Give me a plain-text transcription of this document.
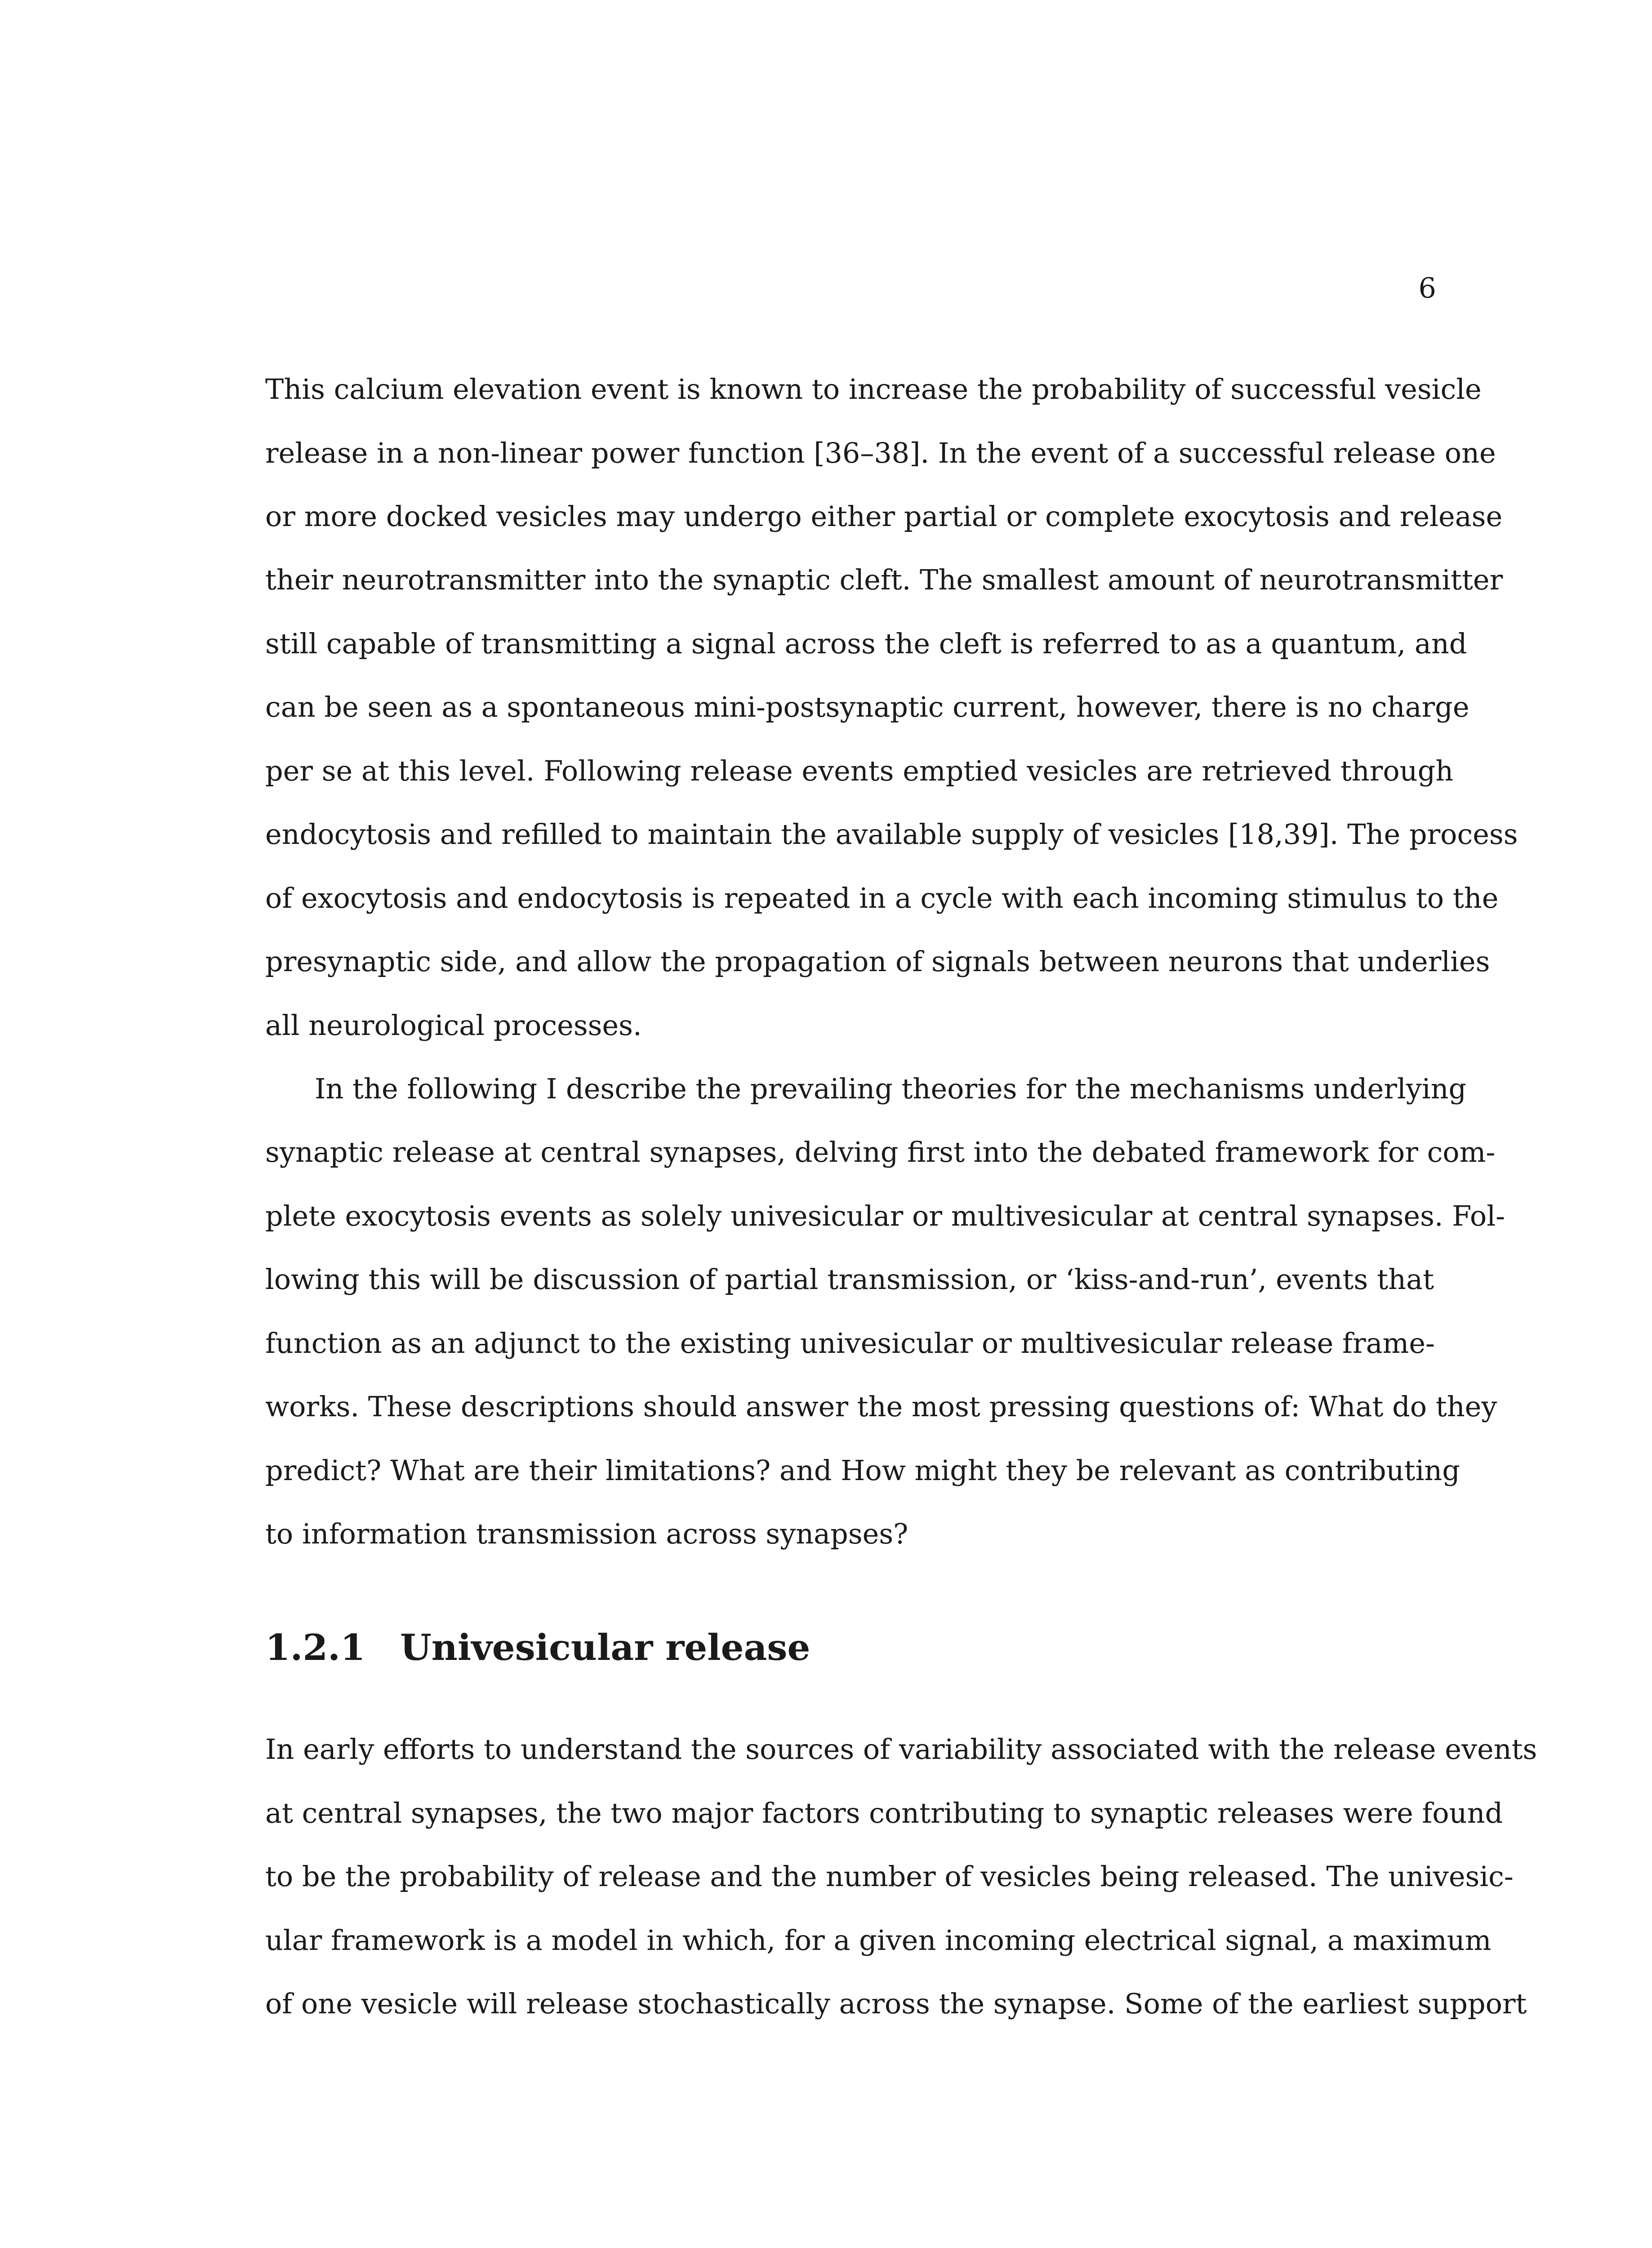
6
This calcium elevation event is known to increase the probability of successful vesicle
release in a non-linear power function [36–38]. In the event of a successful release one
or more docked vesicles may undergo either partial or complete exocytosis and release
their neurotransmitter into the synaptic cleft. The smallest amount of neurotransmitter
still capable of transmitting a signal across the cleft is referred to as a quantum, and
can be seen as a spontaneous mini-postsynaptic current, however, there is no charge
per se at this level. Following release events emptied vesicles are retrieved through
endocytosis and refilled to maintain the available supply of vesicles [18,39]. The process
of exocytosis and endocytosis is repeated in a cycle with each incoming stimulus to the
presynaptic side, and allow the propagation of signals between neurons that underlies
all neurological processes.
In the following I describe the prevailing theories for the mechanisms underlying
synaptic release at central synapses, delving first into the debated framework for com-
plete exocytosis events as solely univesicular or multivesicular at central synapses. Fol-
lowing this will be discussion of partial transmission, or ‘kiss-and-run’, events that
function as an adjunct to the existing univesicular or multivesicular release frame-
works. These descriptions should answer the most pressing questions of: What do they
predict? What are their limitations? and How might they be relevant as contributing
to information transmission across synapses?
1.2.1 Univesicular release
In early efforts to understand the sources of variability associated with the release events
at central synapses, the two major factors contributing to synaptic releases were found
to be the probability of release and the number of vesicles being released. The univesic-
ular framework is a model in which, for a given incoming electrical signal, a maximum
of one vesicle will release stochastically across the synapse. Some of the earliest support
